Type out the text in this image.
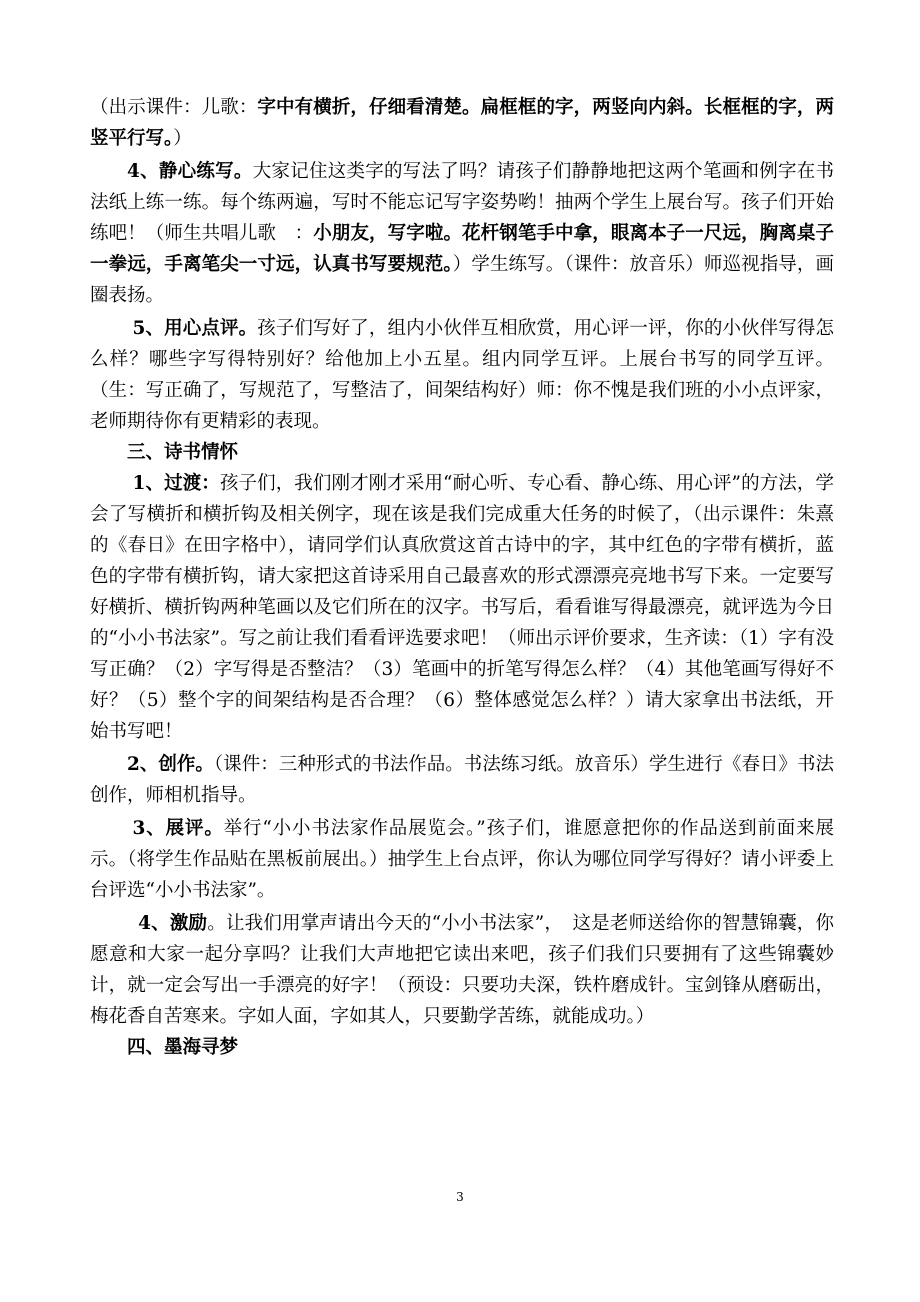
（出示课件：儿歌：字中有横折，仔细看清楚。扁框框的字，两竖向内斜。长框框的字，两竖平行写。）

4、静心练写。大家记住这类字的写法了吗？请孩子们静静地把这两个笔画和例字在书法纸上练一练。每个练两遍，写时不能忘记写字姿势哟！抽两个学生上展台写。孩子们开始练吧！（师生共唱儿歌　：小朋友，写字啦。花杆钢笔手中拿，眼离本子一尺远，胸离桌子一拳远，手离笔尖一寸远，认真书写要规范。）学生练写。（课件：放音乐）师巡视指导，画圈表扬。

5、用心点评。孩子们写好了，组内小伙伴互相欣赏，用心评一评，你的小伙伴写得怎么样？哪些字写得特别好？给他加上小五星。组内同学互评。上展台书写的同学互评。（生：写正确了，写规范了，写整洁了，间架结构好）师：你不愧是我们班的小小点评家，老师期待你有更精彩的表现。

三、诗书情怀

1、过渡：孩子们，我们刚才刚才采用“耐心听、专心看、静心练、用心评”的方法，学会了写横折和横折钩及相关例字，现在该是我们完成重大任务的时候了，（出示课件：朱熹的《春日》在田字格中），请同学们认真欣赏这首古诗中的字，其中红色的字带有横折，蓝色的字带有横折钩，请大家把这首诗采用自己最喜欢的形式漂漂亮亮地书写下来。一定要写好横折、横折钩两种笔画以及它们所在的汉字。书写后，看看谁写得最漂亮，就评选为今日的“小小书法家”。写之前让我们看看评选要求吧！（师出示评价要求，生齐读：（1）字有没写正确？（2）字写得是否整洁？（3）笔画中的折笔写得怎么样？（4）其他笔画写得好不好？（5）整个字的间架结构是否合理？（6）整体感觉怎么样？）请大家拿出书法纸，开始书写吧！

2、创作。（课件：三种形式的书法作品。书法练习纸。放音乐）学生进行《春日》书法创作，师相机指导。

3、展评。举行“小小书法家作品展览会。”孩子们，谁愿意把你的作品送到前面来展示。（将学生作品贴在黑板前展出。）抽学生上台点评，你认为哪位同学写得好？请小评委上台评选“小小书法家”。

4、激励。让我们用掌声请出今天的“小小书法家”，　这是老师送给你的智慧锦囊，你愿意和大家一起分享吗？让我们大声地把它读出来吧，孩子们我们只要拥有了这些锦囊妙计，就一定会写出一手漂亮的好字！（预设：只要功夫深，铁杵磨成针。宝剑锋从磨砺出，梅花香自苦寒来。字如人面，字如其人，只要勤学苦练，就能成功。）

四、墨海寻梦
3
